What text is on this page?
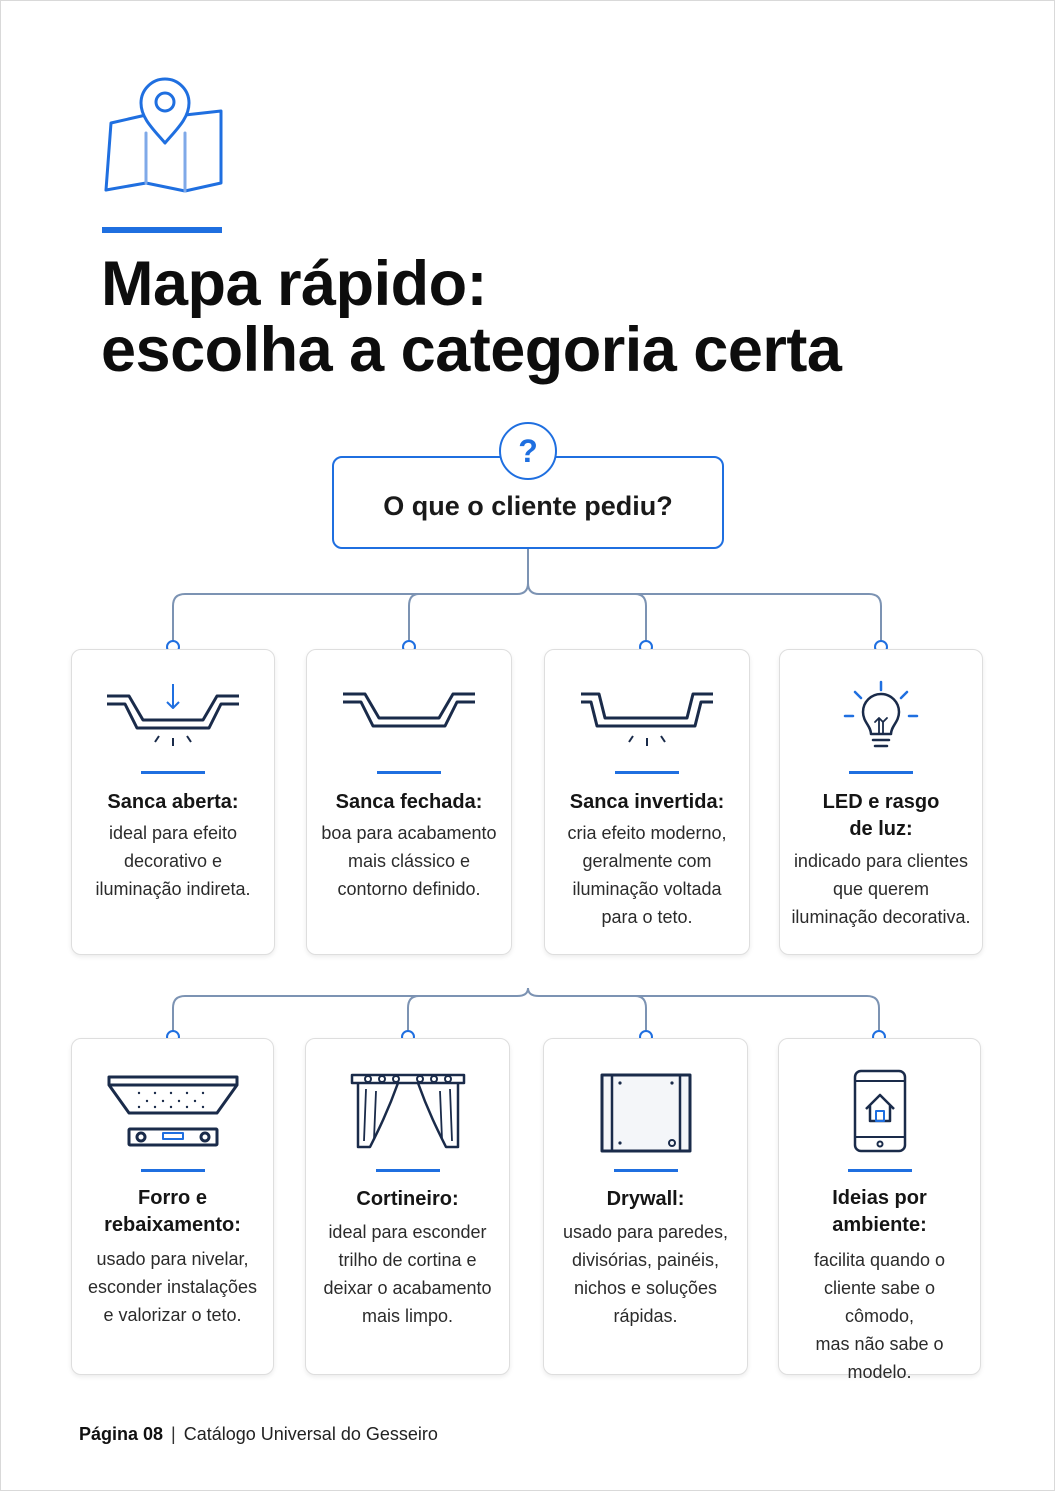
Mapa rápido:
escolha a categoria certa
O que o cliente pediu?
?
Sanca aberta:
ideal para efeito
decorativo e
iluminação indireta.
Sanca fechada:
boa para acabamento
mais clássico e
contorno definido.
Sanca invertida:
cria efeito moderno,
geralmente com
iluminação voltada
para o teto.
LED e rasgo
de luz:
indicado para clientes
que querem
iluminação decorativa.
Forro e
rebaixamento:
usado para nivelar,
esconder instalações
e valorizar o teto.
Cortineiro:
ideal para esconder
trilho de cortina e
deixar o acabamento
mais limpo.
Drywall:
usado para paredes,
divisórias, painéis,
nichos e soluções
rápidas.
Ideias por
ambiente:
facilita quando o
cliente sabe o cômodo,
mas não sabe o
modelo.
Página 08 | Catálogo Universal do Gesseiro
